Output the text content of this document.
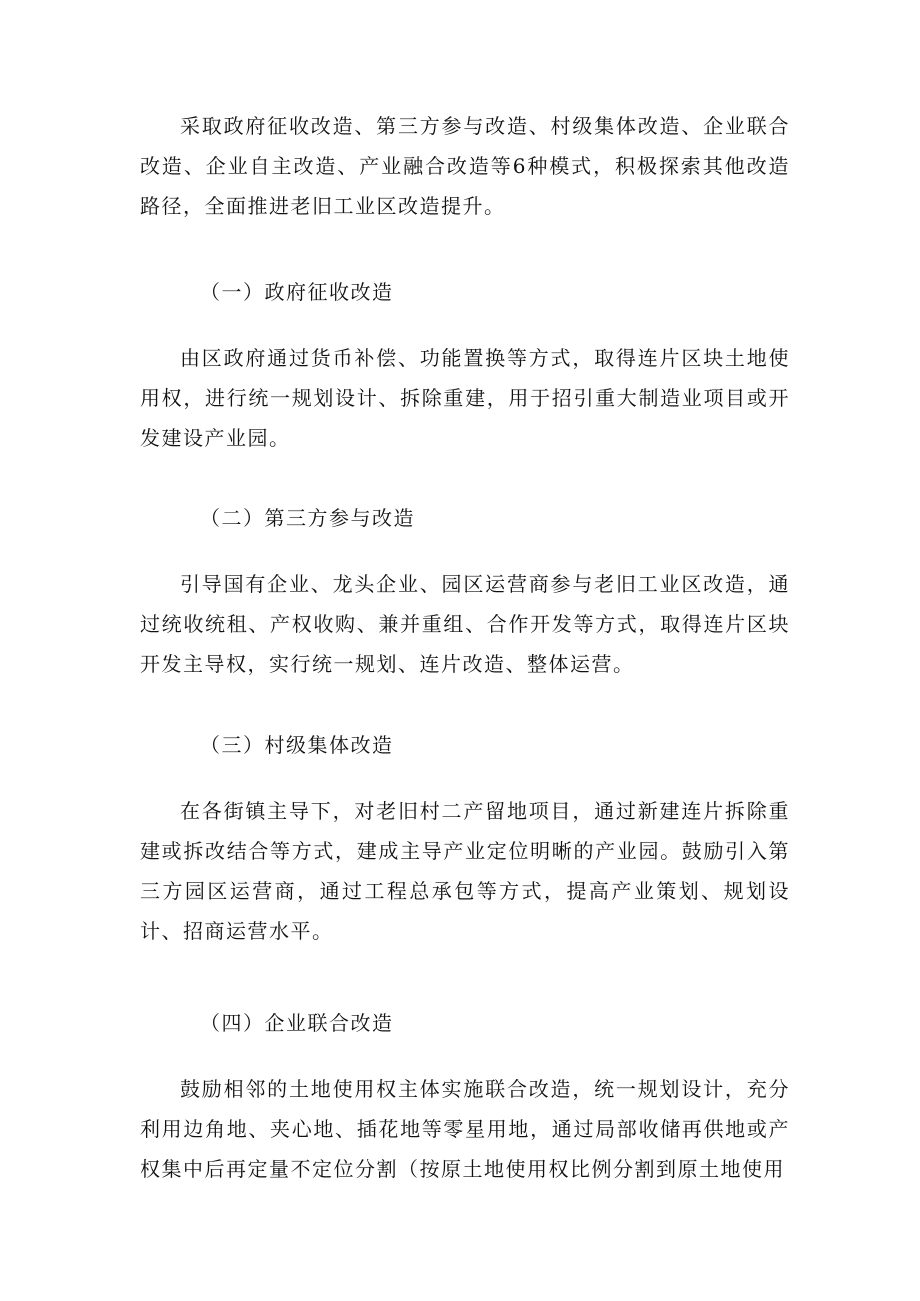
采取政府征收改造、第三方参与改造、村级集体改造、企业联合改造、企业自主改造、产业融合改造等6种模式，积极探索其他改造路径，全面推进老旧工业区改造提升。

（一）政府征收改造

由区政府通过货币补偿、功能置换等方式，取得连片区块土地使用权，进行统一规划设计、拆除重建，用于招引重大制造业项目或开发建设产业园。

（二）第三方参与改造

引导国有企业、龙头企业、园区运营商参与老旧工业区改造，通过统收统租、产权收购、兼并重组、合作开发等方式，取得连片区块开发主导权，实行统一规划、连片改造、整体运营。

（三）村级集体改造

在各街镇主导下，对老旧村二产留地项目，通过新建连片拆除重建或拆改结合等方式，建成主导产业定位明晰的产业园。鼓励引入第三方园区运营商，通过工程总承包等方式，提高产业策划、规划设计、招商运营水平。

（四）企业联合改造

鼓励相邻的土地使用权主体实施联合改造，统一规划设计，充分利用边角地、夹心地、插花地等零星用地，通过局部收储再供地或产权集中后再定量不定位分割（按原土地使用权比例分割到原土地使用
